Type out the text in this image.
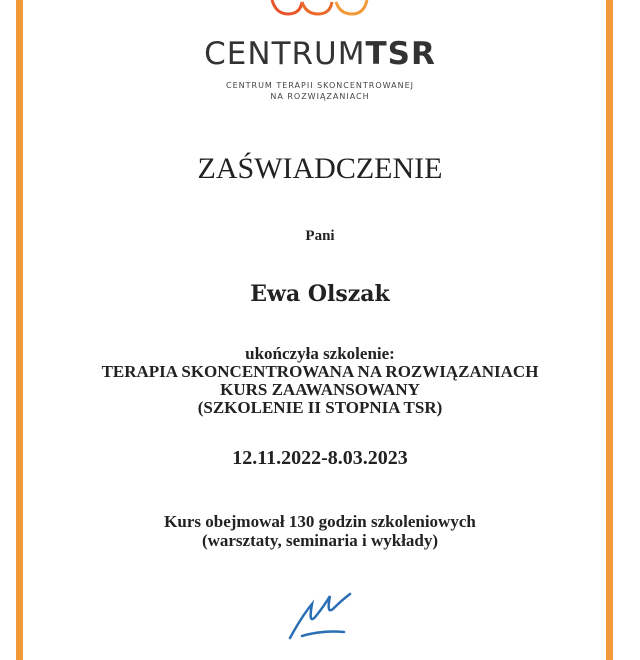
CENTRUMTSR
CENTRUM TERAPII SKONCENTROWANEJ
NA ROZWIĄZANIACH
ZAŚWIADCZENIE
Pani
Ewa Olszak
ukończyła szkolenie:
TERAPIA SKONCENTROWANA NA ROZWIĄZANIACH
KURS ZAAWANSOWANY
(SZKOLENIE II STOPNIA TSR)
12.11.2022-8.03.2023
Kurs obejmował 130 godzin szkoleniowych
(warsztaty, seminaria i wykłady)
